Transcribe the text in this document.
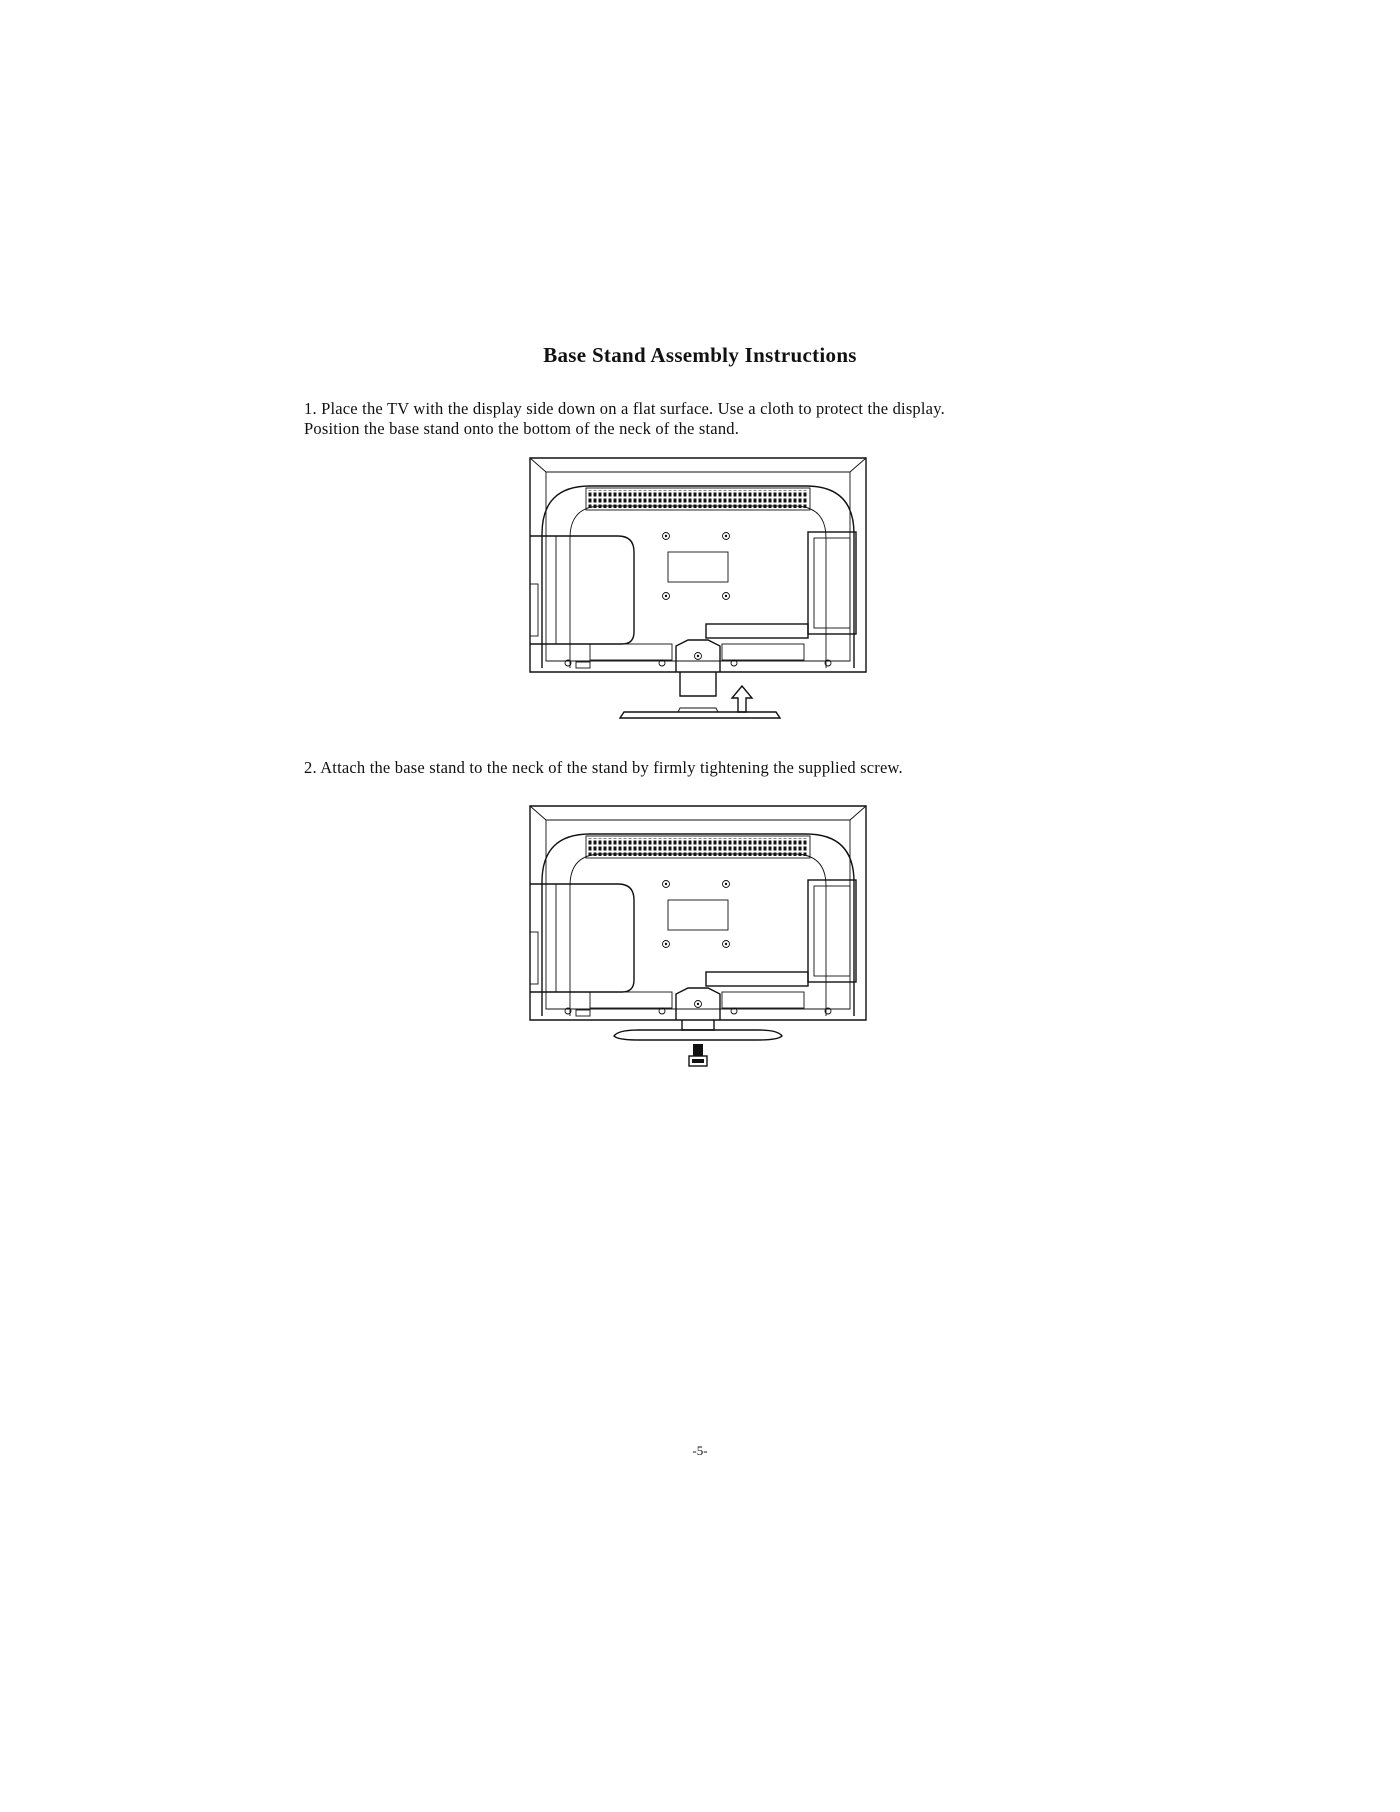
Base Stand Assembly Instructions

1. Place the TV with the display side down on a flat surface. Use a cloth to protect the display.

Position the base stand onto the bottom of the neck of the stand.

2. Attach the base stand to the neck of the stand by firmly tightening the supplied screw.

-5-
